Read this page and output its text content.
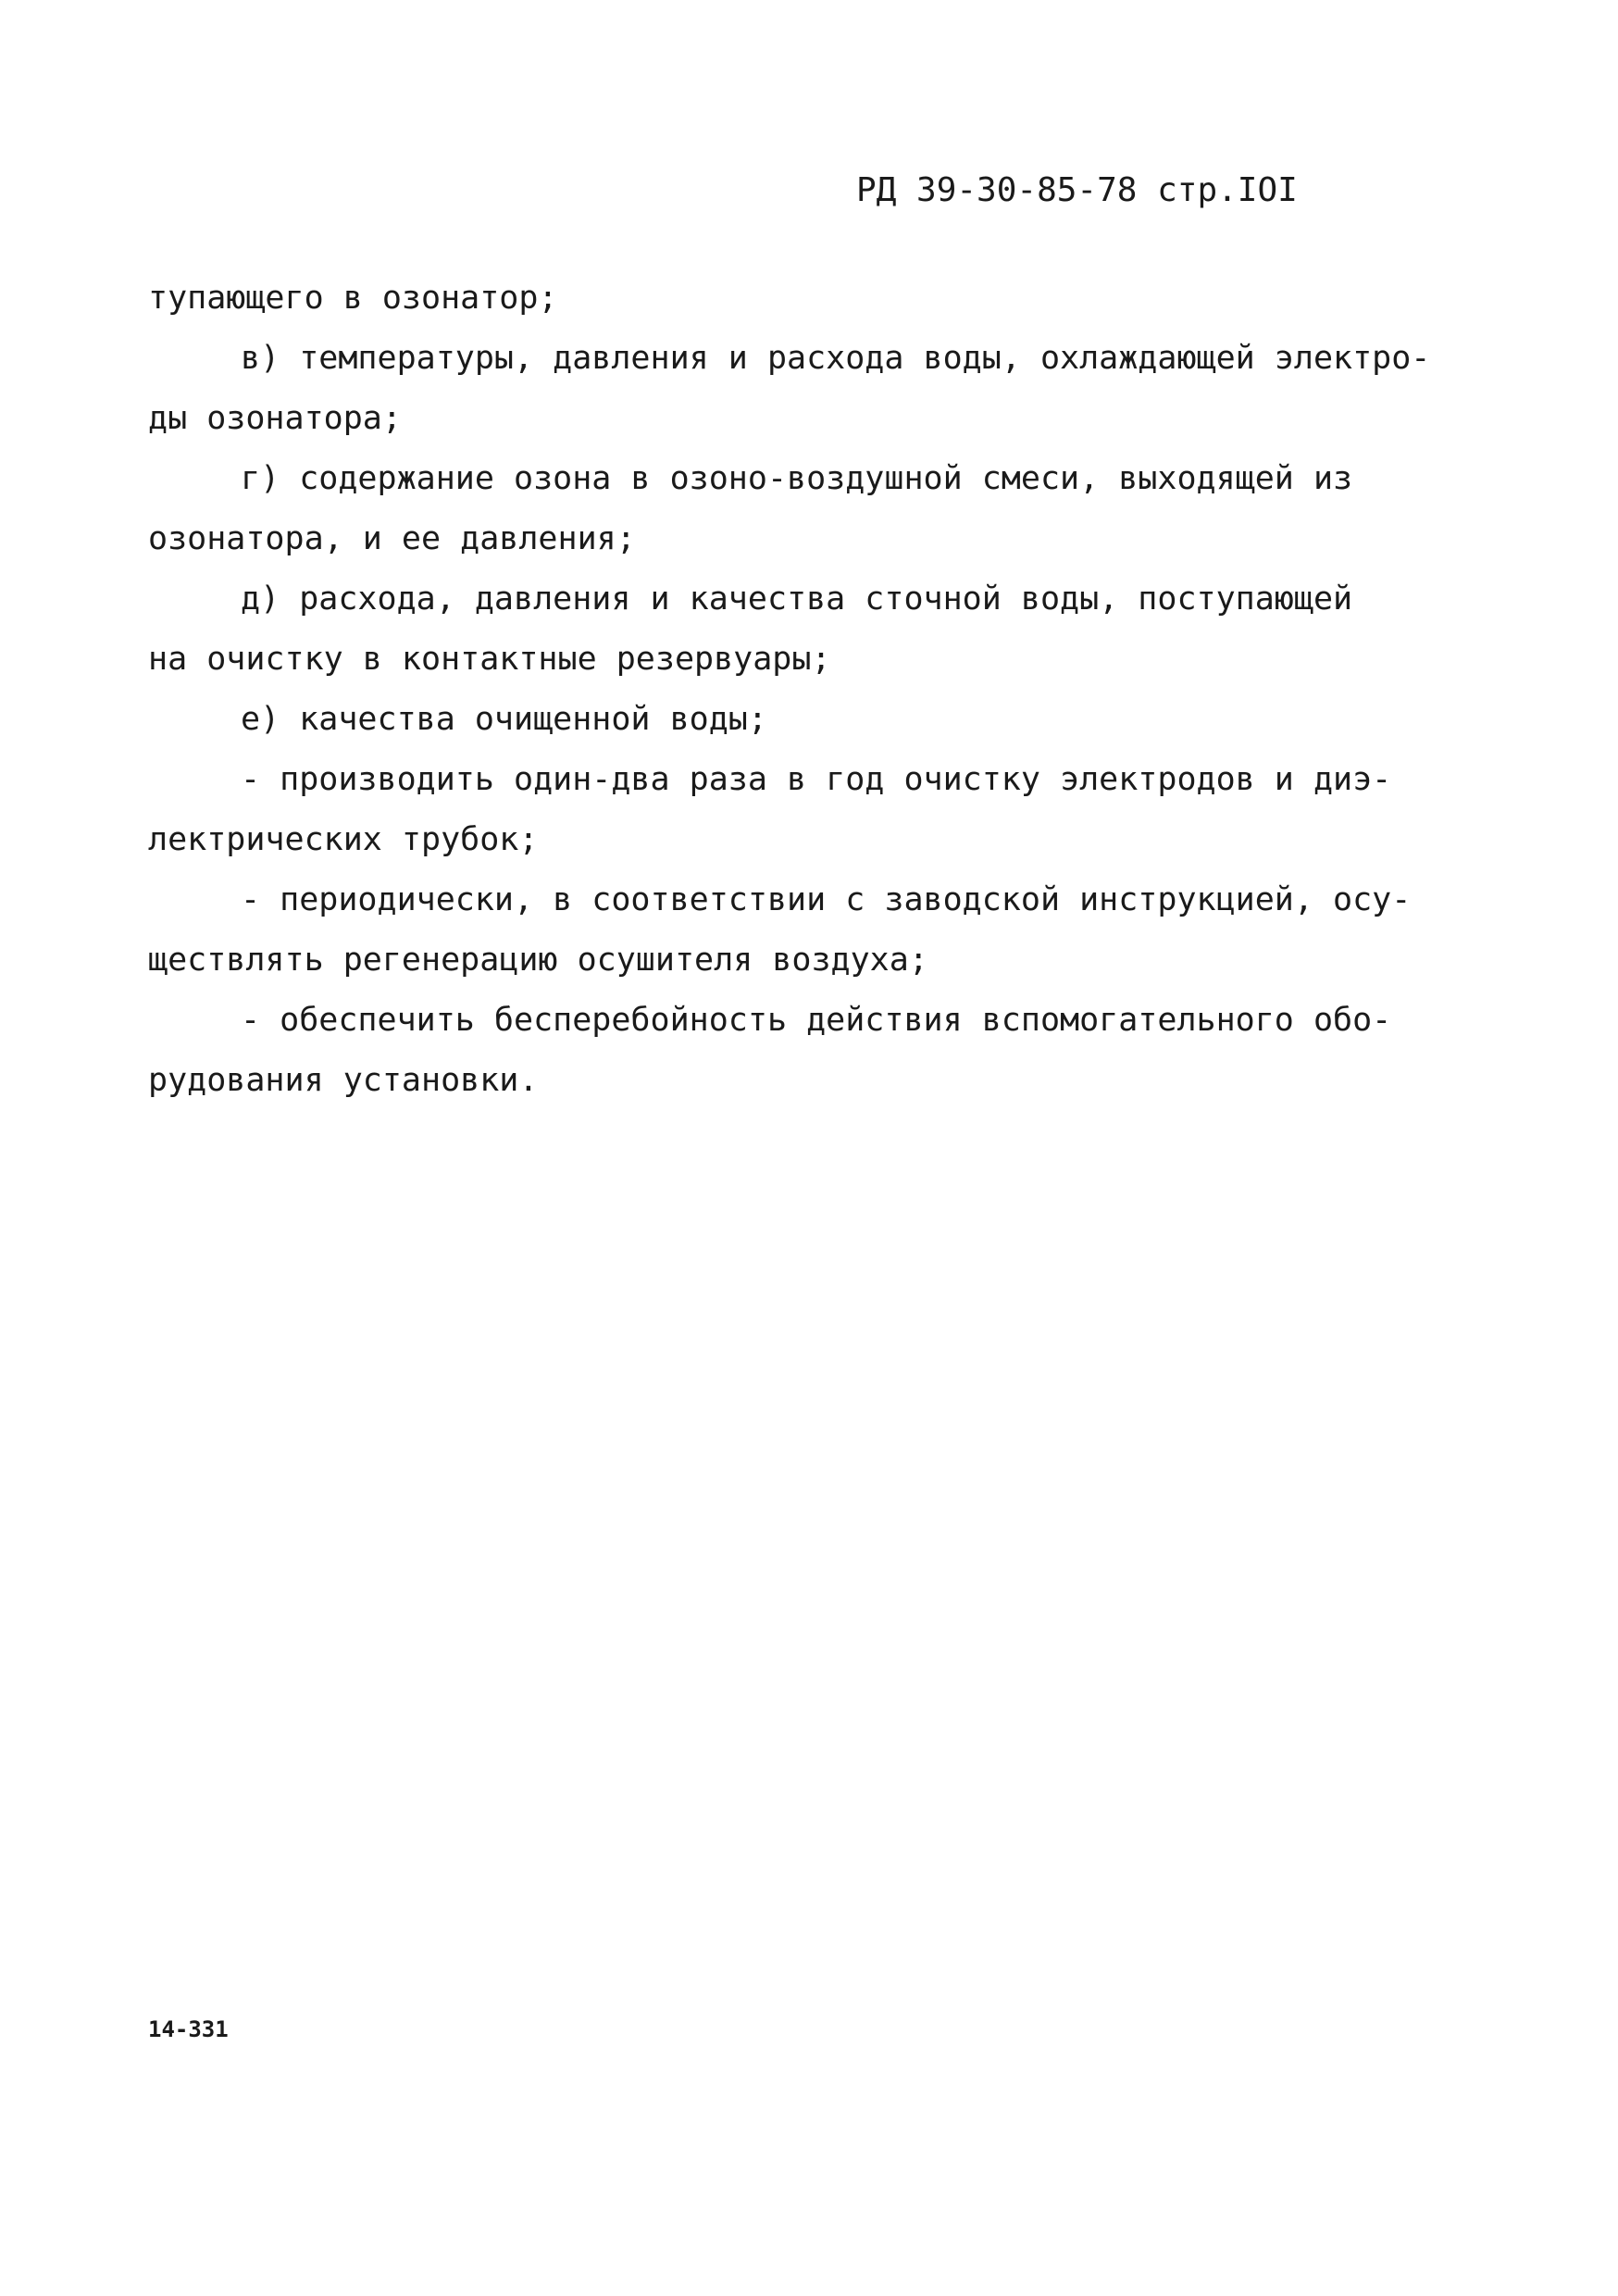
РД 39-30-85-78 стр.IOI
тупающего в озонатор;
в) температуры, давления и расхода воды, охлаждающей электро-
ды озонатора;
г) содержание озона в озоно-воздушной смеси, выходящей из
озонатора, и ее давления;
д) расхода, давления и качества сточной воды, поступающей
на очистку в контактные резервуары;
е) качества очищенной воды;
- производить один-два раза в год очистку электродов и диэ-
лектрических трубок;
- периодически, в соответствии с заводской инструкцией, осу-
ществлять регенерацию осушителя воздуха;
- обеспечить бесперебойность действия вспомогательного обо-
рудования установки.
14-331
